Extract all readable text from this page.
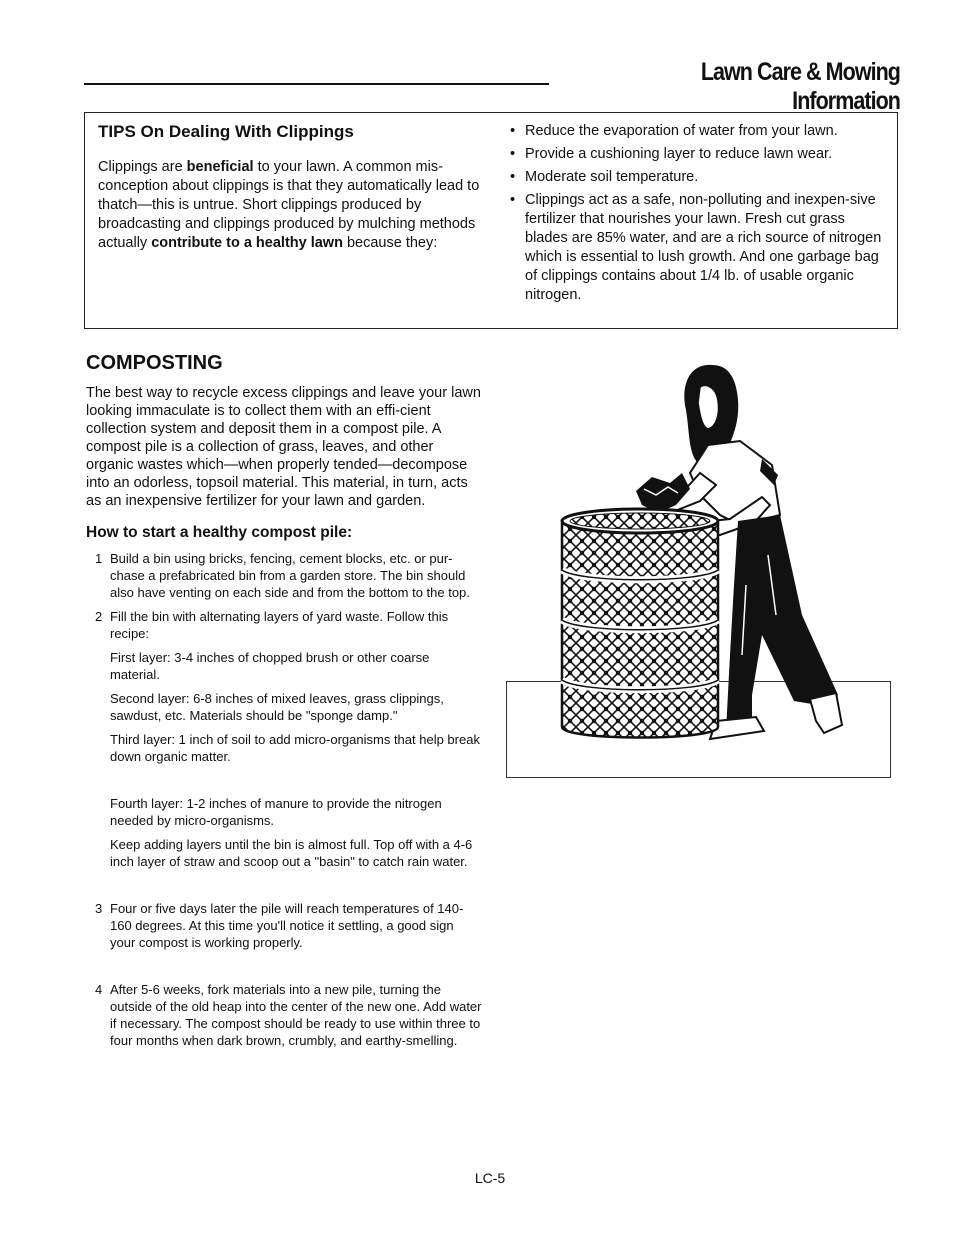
Lawn Care & Mowing Information
TIPS On Dealing With Clippings

Clippings are beneficial to your lawn. A common mis-conception about clippings is that they automatically lead to thatch—this is untrue. Short clippings produced by broadcasting and clippings produced by mulching methods actually contribute to a healthy lawn because they:

• Reduce the evaporation of water from your lawn.
• Provide a cushioning layer to reduce lawn wear.
• Moderate soil temperature.
• Clippings act as a safe, non-polluting and inexpen-sive fertilizer that nourishes your lawn. Fresh cut grass blades are 85% water, and are a rich source of nitrogen which is essential to lush growth. And one garbage bag of clippings contains about 1/4 lb. of usable organic nitrogen.
COMPOSTING

The best way to recycle excess clippings and leave your lawn looking immaculate is to collect them with an effi-cient collection system and deposit them in a compost pile. A compost pile is a collection of grass, leaves, and other organic wastes which—when properly tended—decompose into an odorless, topsoil material. This material, in turn, acts as an inexpensive fertilizer for your lawn and garden.

How to start a healthy compost pile:
1 Build a bin using bricks, fencing, cement blocks, etc. or pur-chase a prefabricated bin from a garden store. The bin should also have venting on each side and from the bottom to the top.
2 Fill the bin with alternating layers of yard waste. Follow this recipe:

First layer: 3-4 inches of chopped brush or other coarse material.

Second layer: 6-8 inches of mixed leaves, grass clippings, sawdust, etc. Materials should be "sponge damp."

Third layer: 1 inch of soil to add micro-organisms that help break down organic matter.

Fourth layer: 1-2 inches of manure to provide the nitrogen needed by micro-organisms.

Keep adding layers until the bin is almost full. Top off with a 4-6 inch layer of straw and scoop out a "basin" to catch rain water.

3 Four or five days later the pile will reach temperatures of 140-160 degrees. At this time you'll notice it settling, a good sign your compost is working properly.
4 After 5-6 weeks, fork materials into a new pile, turning the outside of the old heap into the center of the new one. Add water if necessary. The compost should be ready to use within three to four months when dark brown, crumbly, and earthy-smelling.
LC-5
